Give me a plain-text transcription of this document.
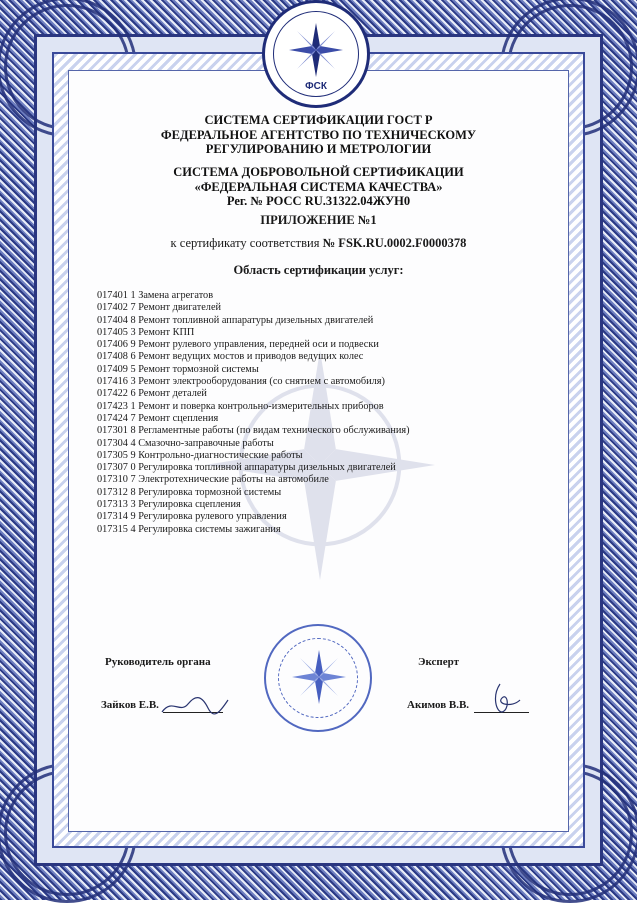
ФСК
СИСТЕМА СЕРТИФИКАЦИИ ГОСТ Р
ФЕДЕРАЛЬНОЕ АГЕНТСТВО ПО ТЕХНИЧЕСКОМУ
РЕГУЛИРОВАНИЮ И МЕТРОЛОГИИ
СИСТЕМА ДОБРОВОЛЬНОЙ СЕРТИФИКАЦИИ
«ФЕДЕРАЛЬНАЯ СИСТЕМА КАЧЕСТВА»
Рег. № РОСС RU.31322.04ЖУН0
ПРИЛОЖЕНИЕ №1
к сертификату соответствия № FSK.RU.0002.F0000378
Область сертификации услуг:
017401 1 Замена агрегатов
017402 7 Ремонт двигателей
017404 8 Ремонт топливной аппаратуры дизельных двигателей
017405 3 Ремонт КПП
017406 9 Ремонт рулевого управления, передней оси и подвески
017408 6 Ремонт ведущих мостов и приводов ведущих колес
017409 5 Ремонт тормозной системы
017416 3 Ремонт электрооборудования (со снятием с автомобиля)
017422 6 Ремонт деталей
017423 1 Ремонт и поверка контрольно-измерительных приборов
017424 7 Ремонт сцепления
017301 8 Регламентные работы (по видам технического обслуживания)
017304 4 Смазочно-заправочные работы
017305 9 Контрольно-диагностические работы
017307 0 Регулировка топливной аппаратуры дизельных двигателей
017310 7 Электротехнические работы на автомобиле
017312 8 Регулировка тормозной системы
017313 3 Регулировка сцепления
017314 9 Регулировка рулевого управления
017315 4 Регулировка системы зажигания
Руководитель органа
Зайков Е.В.
Эксперт
Акимов В.В.
